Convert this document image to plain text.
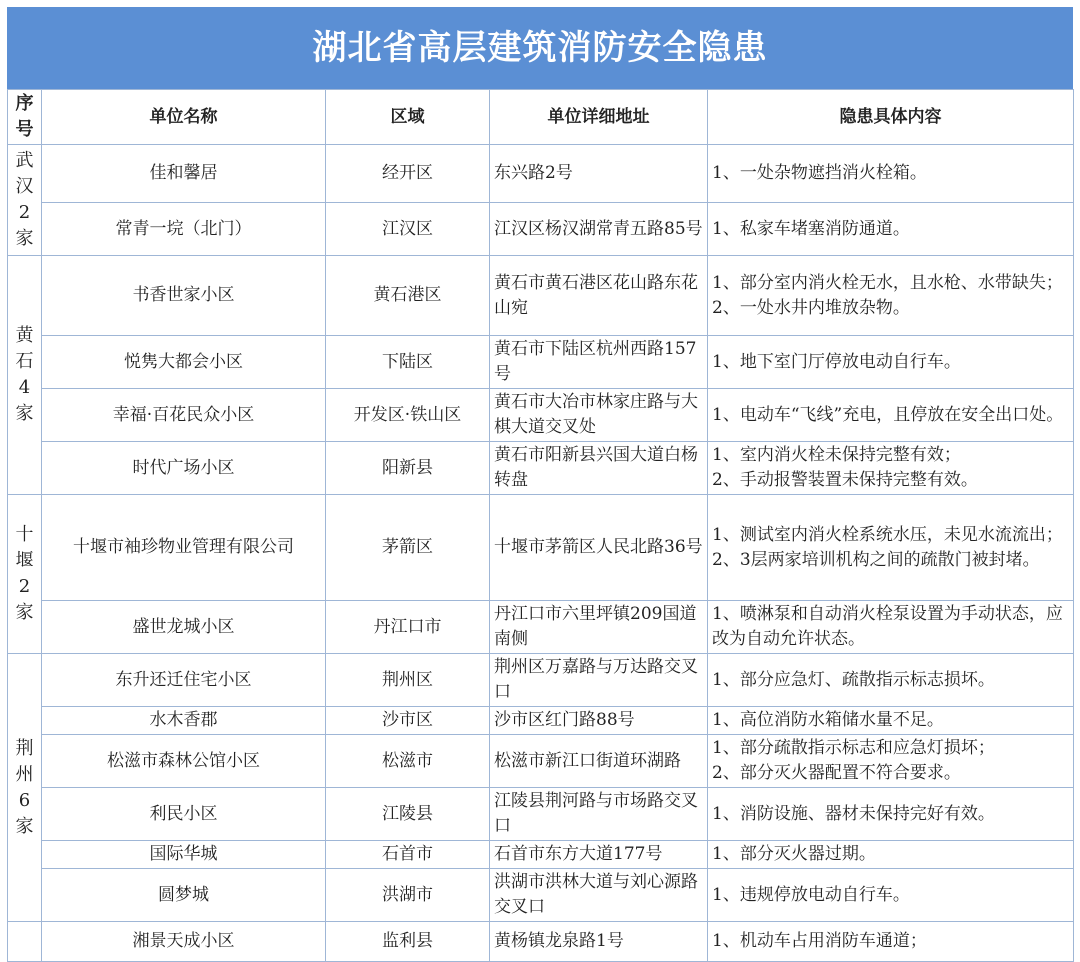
湖北省高层建筑消防安全隐患
序号	单位名称	区域	单位详细地址	隐患具体内容
武汉2家	佳和馨居	经开区	东兴路2号	1、一处杂物遮挡消火栓箱。

	常青一垸（北门）	江汉区	江汉区杨汉湖常青五路85号	1、私家车堵塞消防通道。

黄石4家	书香世家小区	黄石港区	黄石市黄石港区花山路东花山宛	1、部分室内消火栓无水，且水枪、水带缺失；
2、一处水井内堆放杂物。

	悦隽大都会小区	下陆区	黄石市下陆区杭州西路157号	1、地下室门厅停放电动自行车。

	幸福·百花民众小区	开发区·铁山区	黄石市大冶市林家庄路与大棋大道交叉处	1、电动车“飞线”充电，且停放在安全出口处。

	时代广场小区	阳新县	黄石市阳新县兴国大道白杨转盘	1、室内消火栓未保持完整有效；
2、手动报警装置未保持完整有效。

十堰2家	十堰市袖珍物业管理有限公司	茅箭区	十堰市茅箭区人民北路36号	1、测试室内消火栓系统水压，未见水流流出；
2、3层两家培训机构之间的疏散门被封堵。

	盛世龙城小区	丹江口市	丹江口市六里坪镇209国道南侧	1、喷淋泵和自动消火栓泵设置为手动状态，应改为自动允许状态。

荆州6家	东升还迁住宅小区	荆州区	荆州区万嘉路与万达路交叉口	1、部分应急灯、疏散指示标志损坏。

	水木香郡	沙市区	沙市区红门路88号	1、高位消防水箱储水量不足。

	松滋市森林公馆小区	松滋市	松滋市新江口街道环湖路	1、部分疏散指示标志和应急灯损坏；
2、部分灭火器配置不符合要求。

	利民小区	江陵县	江陵县荆河路与市场路交叉口	1、消防设施、器材未保持完好有效。

	国际华城	石首市	石首市东方大道177号	1、部分灭火器过期。

	圆梦城	洪湖市	洪湖市洪林大道与刘心源路交叉口	1、违规停放电动自行车。

	湘景天成小区	监利县	黄杨镇龙泉路1号	1、机动车占用消防车通道；
